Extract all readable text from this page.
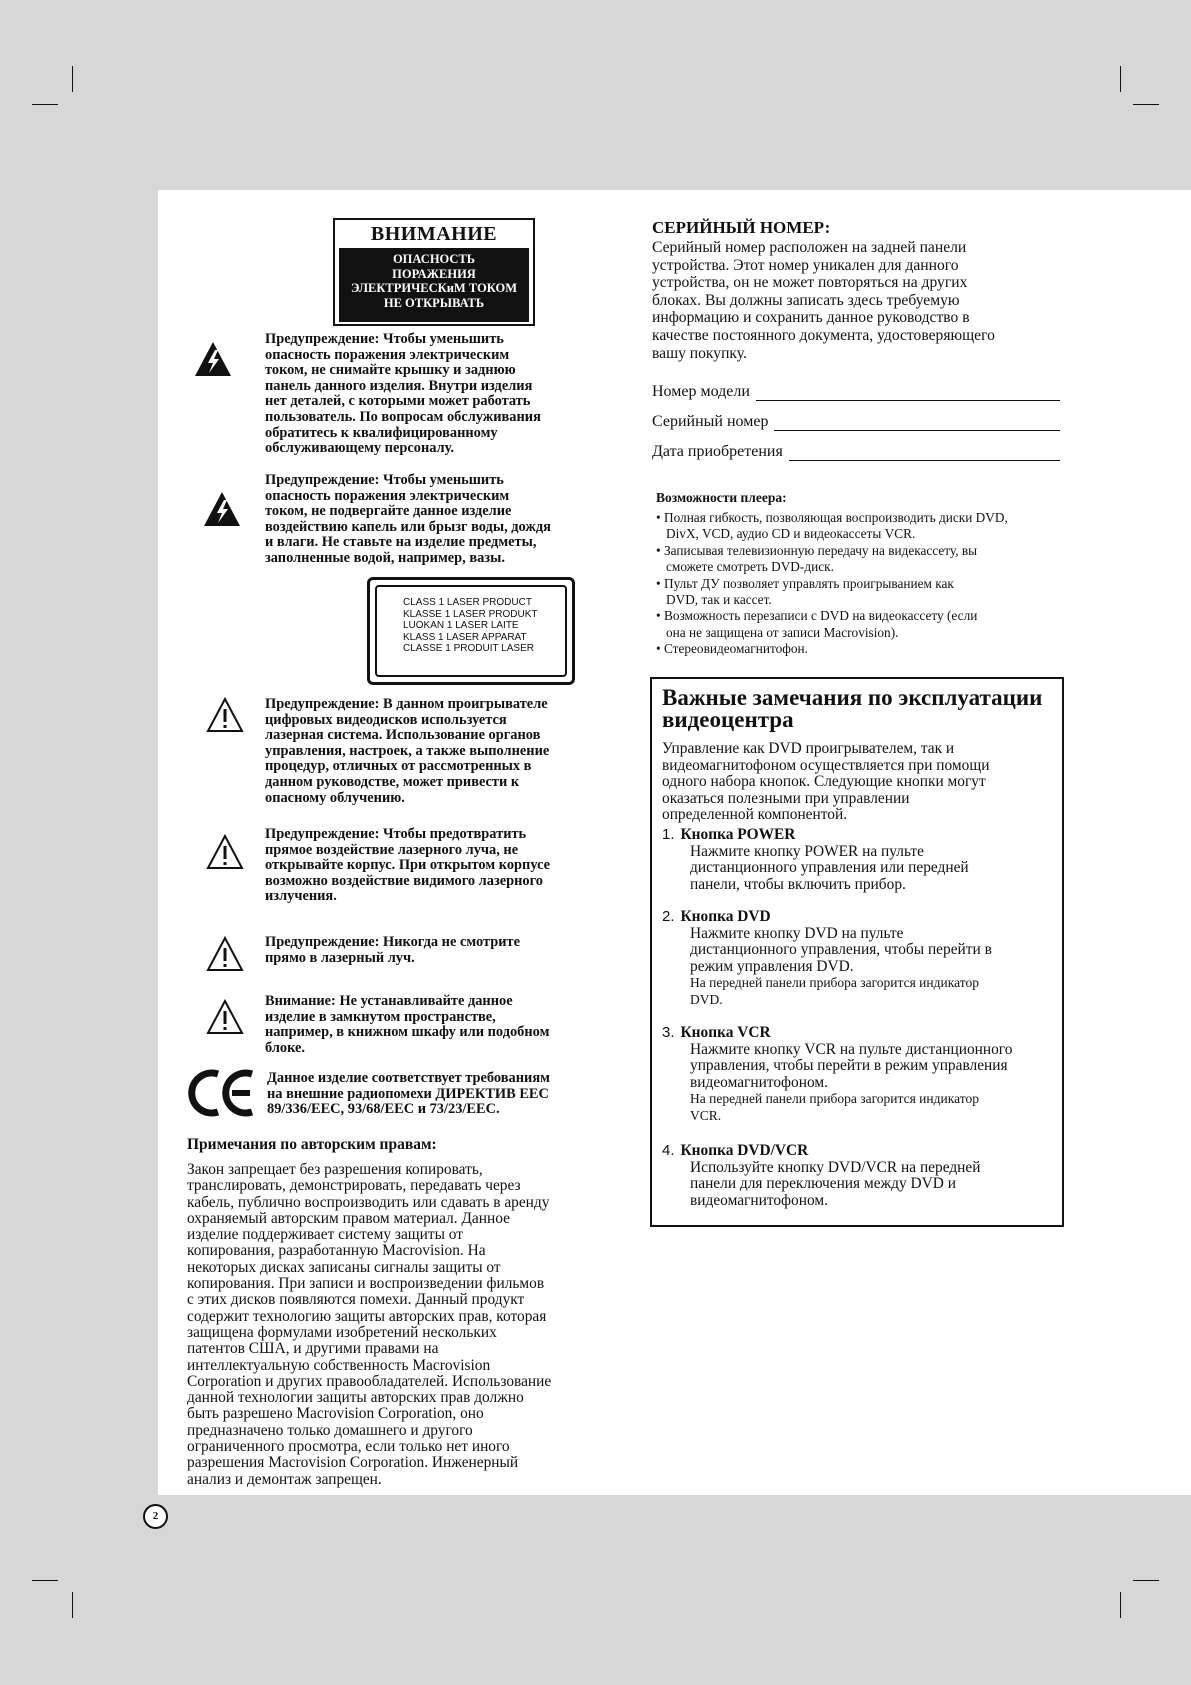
ВНИМАНИЕ
ОПАСНОСТЬ
ПОРАЖЕНИЯ
ЭЛЕКТРИЧЕСКиМ ТОКОМ
НЕ ОТКРЫВАТЬ
Предупреждение: Чтобы уменьшить
опасность поражения электрическим
током, не снимайте крышку и заднюю
панель данного изделия. Внутри изделия
нет деталей, с которыми может работать
пользователь. По вопросам обслуживания
обратитесь к квалифицированному
обслуживающему персоналу.
Предупреждение: Чтобы уменьшить
опасность поражения электрическим
током, не подвергайте данное изделие
воздействию капель или брызг воды, дождя
и влаги. Не ставьте на изделие предметы,
заполненные водой, например, вазы.
CLASS 1 LASER PRODUCT
KLASSE 1 LASER PRODUKT
LUOKAN 1 LASER LAITE
KLASS 1 LASER APPARAT
CLASSE 1 PRODUIT LASER
Предупреждение: В данном проигрывателе
цифровых видеодисков используется
лазерная система. Использование органов
управления, настроек, а также выполнение
процедур, отличных от рассмотренных в
данном руководстве, может привести к
опасному облучению.
Предупреждение: Чтобы предотвратить
прямое воздействие лазерного луча, не
открывайте корпус. При открытом корпусе
возможно воздействие видимого лазерного
излучения.
Предупреждение: Никогда не смотрите
прямо в лазерный луч.
Внимание: Не устанавливайте данное
изделие в замкнутом пространстве,
например, в книжном шкафу или подобном
блоке.
Данное изделие соответствует требованиям
на внешние радиопомехи ДИРЕКТИВ ЕЕС
89/336/EEC, 93/68/EEC и 73/23/EEC.
Примечания по авторским правам:
Закон запрещает без разрешения копировать,
транслировать, демонстрировать, передавать через
кабель, публично воспроизводить или сдавать в аренду
охраняемый авторским правом материал. Данное
изделие поддерживает систему защиты от
копирования, разработанную Macrovision. На
некоторых дисках записаны сигналы защиты от
копирования. При записи и воспроизведении фильмов
с этих дисков появляются помехи. Данный продукт
содержит технологию защиты авторских прав, которая
защищена формулами изобретений нескольких
патентов США, и другими правами на
интеллектуальную собственность Macrovision
Corporation и других правообладателей. Использование
данной технологии защиты авторских прав должно
быть разрешено Macrovision Corporation, оно
предназначено только домашнего и другого
ограниченного просмотра, если только нет иного
разрешения Macrovision Corporation. Инженерный
анализ и демонтаж запрещен.
2
СЕРИЙНЫЙ НОМЕР:
Серийный номер расположен на задней панели
устройства. Этот номер уникален для данного
устройства, он не может повторяться на других
блоках. Вы должны записать здесь требуемую
информацию и сохранить данное руководство в
качестве постоянного документа, удостоверяющего
вашу покупку.
Номер модели
Серийный номер
Дата приобретения
Возможности плеера:
• Полная гибкость, позволяющая воспроизводить диски DVD,
DivX, VCD, аудио CD и видеокассеты VCR.
• Записывая телевизионную передачу на видекассету, вы
сможете смотреть DVD-диск.
• Пульт ДУ позволяет управлять проигрыванием как
DVD, так и кассет.
• Возможность перезаписи с DVD на видеокассету (если
она не защищена от записи Macrovision).
• Стереовидеомагнитофон.
Важные замечания по эксплуатации
видеоцентра
Управление как DVD проигрывателем, так и
видеомагнитофоном осуществляется при помощи
одного набора кнопок. Следующие кнопки могут
оказаться полезными при управлении
определенной компонентой.
1. Кнопка POWER
Нажмите кнопку POWER на пульте
дистанционного управления или передней
панели, чтобы включить прибор.
2. Кнопка DVD
Нажмите кнопку DVD на пульте
дистанционного управления, чтобы перейти в
режим управления DVD.
На передней панели прибора загорится индикатор
DVD.
3. Кнопка VCR
Нажмите кнопку VCR на пульте дистанционного
управления, чтобы перейти в режим управления
видеомагнитофоном.
На передней панели прибора загорится индикатор
VCR.
4. Кнопка DVD/VCR
Используйте кнопку DVD/VCR на передней
панели для переключения между DVD и
видеомагнитофоном.
